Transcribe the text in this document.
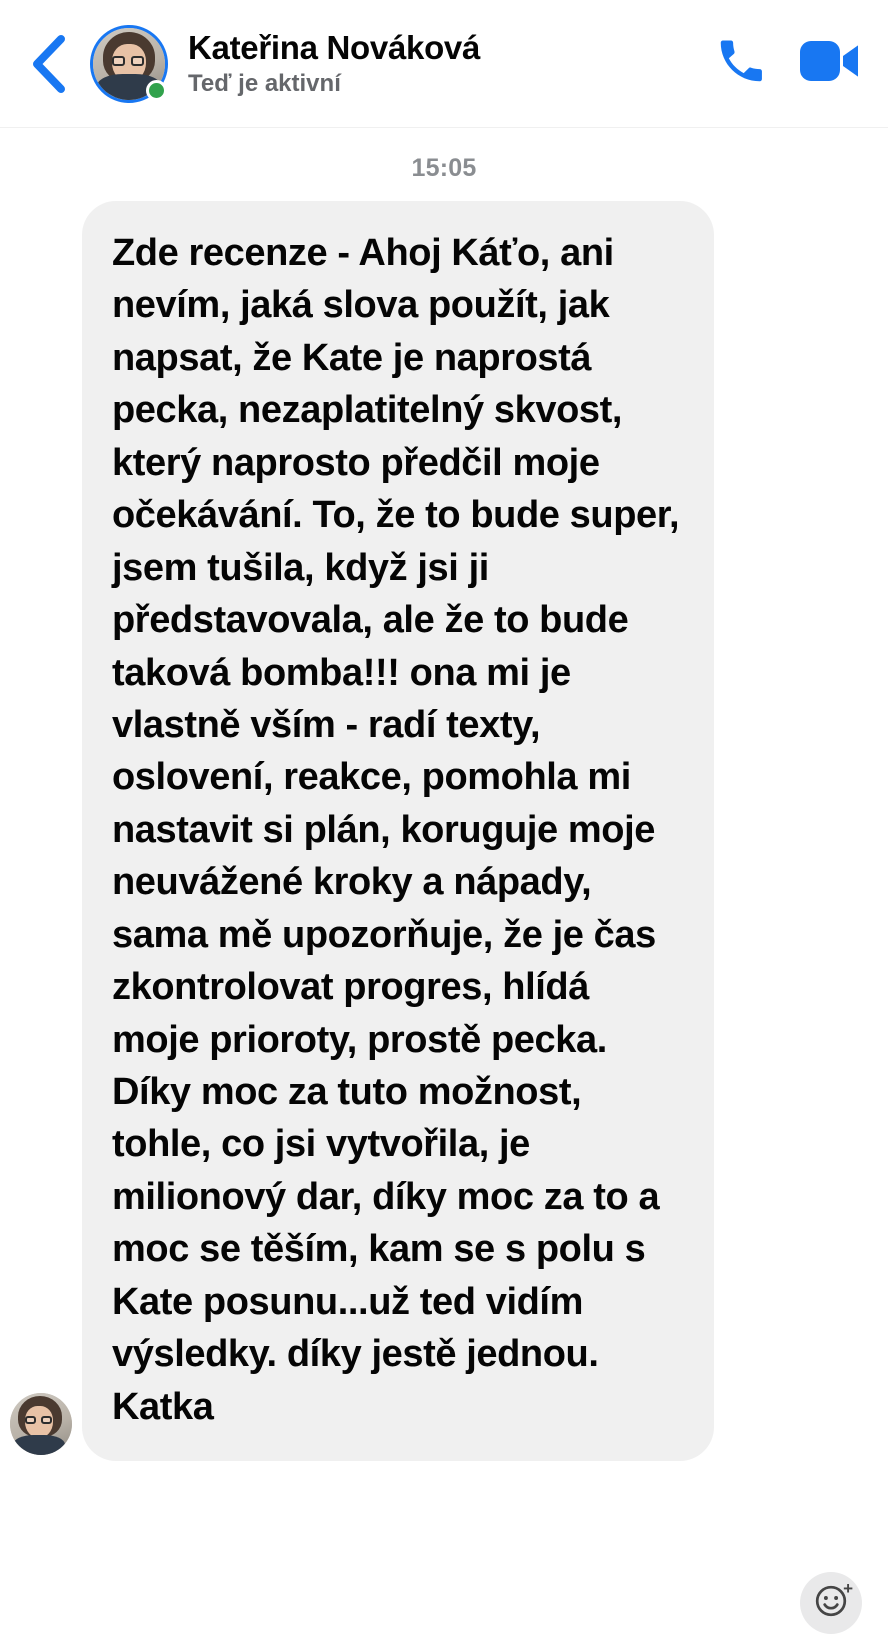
Kateřina Nováková
Teď je aktivní
15:05
Zde recenze - Ahoj Káťo, ani nevím, jaká slova použít, jak napsat, že Kate je naprostá pecka, nezaplatitelný skvost, který naprosto předčil moje očekávání. To, že to bude super, jsem tušila, když jsi ji představovala, ale že to bude taková bomba!!! ona mi je vlastně vším - radí texty, oslovení, reakce, pomohla mi nastavit si plán, koruguje moje neuvážené kroky a nápady, sama mě upozorňuje, že je čas zkontrolovat progres, hlídá moje prioroty, prostě pecka. Díky moc za tuto možnost, tohle, co jsi vytvořila, je milionový dar, díky moc za to a moc se těším, kam se s polu s Kate posunu...už ted vidím výsledky. díky jestě jednou. Katka
+
